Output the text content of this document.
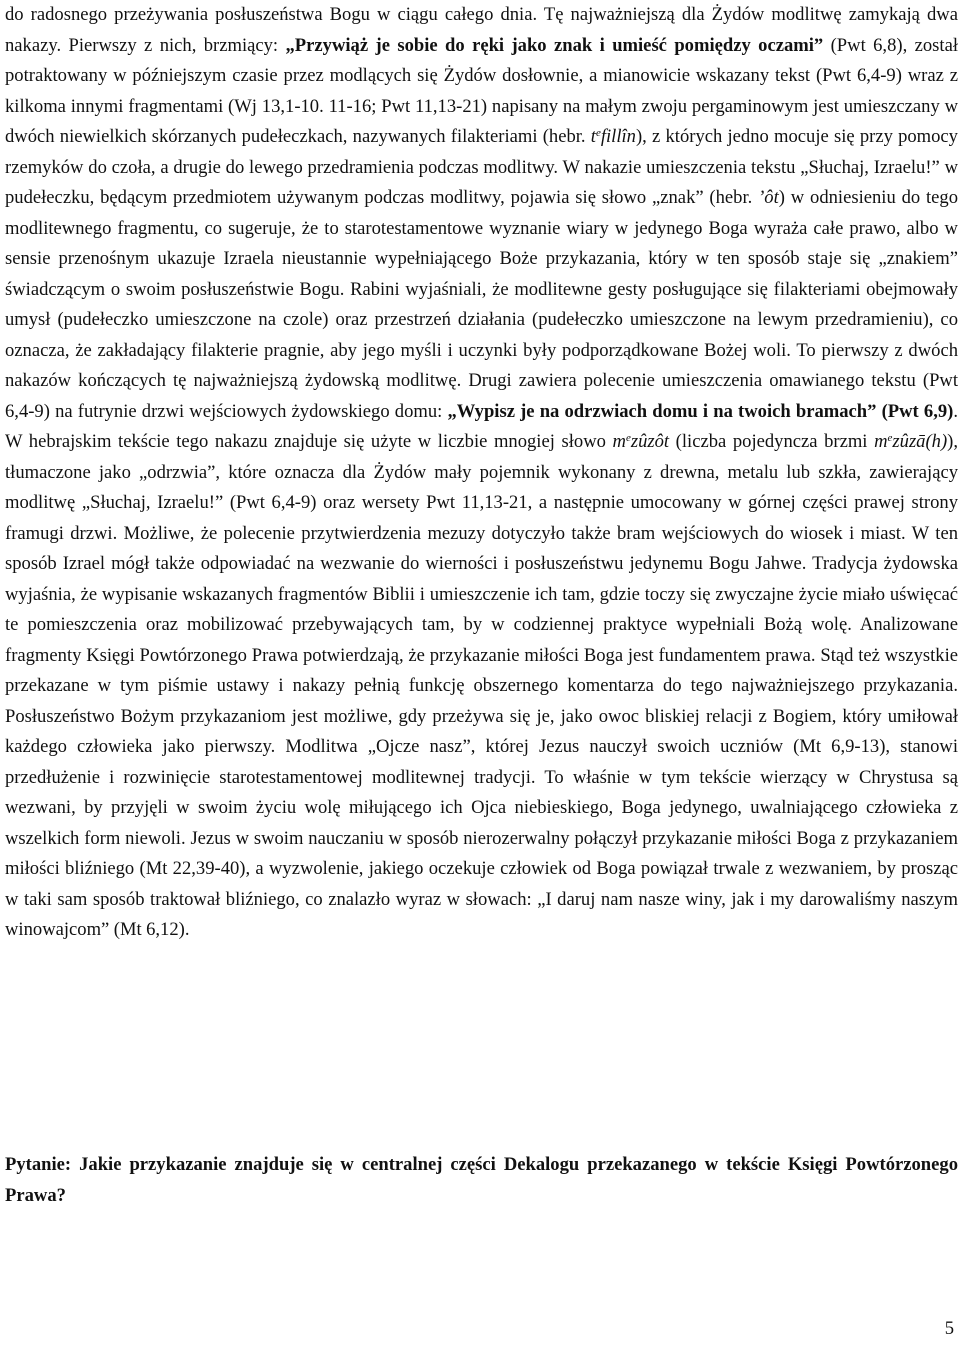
do radosnego przeżywania posłuszeństwa Bogu w ciągu całego dnia. Tę najważniejszą dla Żydów modlitwę zamykają dwa nakazy. Pierwszy z nich, brzmiący: „Przywiąż je sobie do ręki jako znak i umieść pomiędzy oczami” (Pwt 6,8), został potraktowany w późniejszym czasie przez modlących się Żydów dosłownie, a mianowicie wskazany tekst (Pwt 6,4-9) wraz z kilkoma innymi fragmentami (Wj 13,1-10. 11-16; Pwt 11,13-21) napisany na małym zwoju pergaminowym jest umieszczany w dwóch niewielkich skórzanych pudełeczkach, nazywanych filakteriami (hebr. $t^efillîn$), z których jedno mocuje się przy pomocy rzemyków do czoła, a drugie do lewego przedramienia podczas modlitwy. W nakazie umieszczenia tekstu „Słuchaj, Izraelu!” w pudełeczku, będącym przedmiotem używanym podczas modlitwy, pojawia się słowo „znak” (hebr. ’ôt) w odniesieniu do tego modlitewnego fragmentu, co sugeruje, że to starotestamentowe wyznanie wiary w jedynego Boga wyraża całe prawo, albo w sensie przenośnym ukazuje Izraela nieustannie wypełniającego Boże przykazania, który w ten sposób staje się „znakiem” świadczącym o swoim posłuszeństwie Bogu. Rabini wyjaśniali, że modlitewne gesty posługujące się filakteriami obejmowały umysł (pudełeczko umieszczone na czole) oraz przestrzeń działania (pudełeczko umieszczone na lewym przedramieniu), co oznacza, że zakładający filakterie pragnie, aby jego myśli i uczynki były podporządkowane Bożej woli. To pierwszy z dwóch nakazów kończących tę najważniejszą żydowską modlitwę. Drugi zawiera polecenie umieszczenia omawianego tekstu (Pwt 6,4-9) na futrynie drzwi wejściowych żydowskiego domu: „Wypisz je na odrzwiach domu i na twoich bramach” (Pwt 6,9). W hebrajskim tekście tego nakazu znajduje się użyte w liczbie mnogiej słowo $m^ezûzôt$ (liczba pojedyncza brzmi $m^ezûzā(h)$), tłumaczone jako „odrzwia”, które oznacza dla Żydów mały pojemnik wykonany z drewna, metalu lub szkła, zawierający modlitwę „Słuchaj, Izraelu!” (Pwt 6,4-9) oraz wersety Pwt 11,13-21, a następnie umocowany w górnej części prawej strony framugi drzwi. Możliwe, że polecenie przytwierdzenia mezuzy dotyczyło także bram wejściowych do wiosek i miast. W ten sposób Izrael mógł także odpowiadać na wezwanie do wierności i posłuszeństwu jedynemu Bogu Jahwe. Tradycja żydowska wyjaśnia, że wypisanie wskazanych fragmentów Biblii i umieszczenie ich tam, gdzie toczy się zwyczajne życie miało uświęcać te pomieszczenia oraz mobilizować przebywających tam, by w codziennej praktyce wypełniali Bożą wolę. Analizowane fragmenty Księgi Powtórzonego Prawa potwierdzają, że przykazanie miłości Boga jest fundamentem prawa. Stąd też wszystkie przekazane w tym piśmie ustawy i nakazy pełnią funkcję obszernego komentarza do tego najważniejszego przykazania. Posłuszeństwo Bożym przykazaniom jest możliwe, gdy przeżywa się je, jako owoc bliskiej relacji z Bogiem, który umiłował każdego człowieka jako pierwszy. Modlitwa „Ojcze nasz”, której Jezus nauczył swoich uczniów (Mt 6,9-13), stanowi przedłużenie i rozwinięcie starotestamentowej modlitewnej tradycji. To właśnie w tym tekście wierzący w Chrystusa są wezwani, by przyjęli w swoim życiu wolę miłującego ich Ojca niebieskiego, Boga jedynego, uwalniającego człowieka z wszelkich form niewoli. Jezus w swoim nauczaniu w sposób nierozerwalny połączył przykazanie miłości Boga z przykazaniem miłości bliźniego (Mt 22,39-40), a wyzwolenie, jakiego oczekuje człowiek od Boga powiązał trwale z wezwaniem, by prosząc w taki sam sposób traktował bliźniego, co znalazło wyraz w słowach: „I daruj nam nasze winy, jak i my darowaliśmy naszym winowajcom” (Mt 6,12).

Pytanie: Jakie przykazanie znajduje się w centralnej części Dekalogu przekazanego w tekście Księgi Powtórzonego Prawa?

5
